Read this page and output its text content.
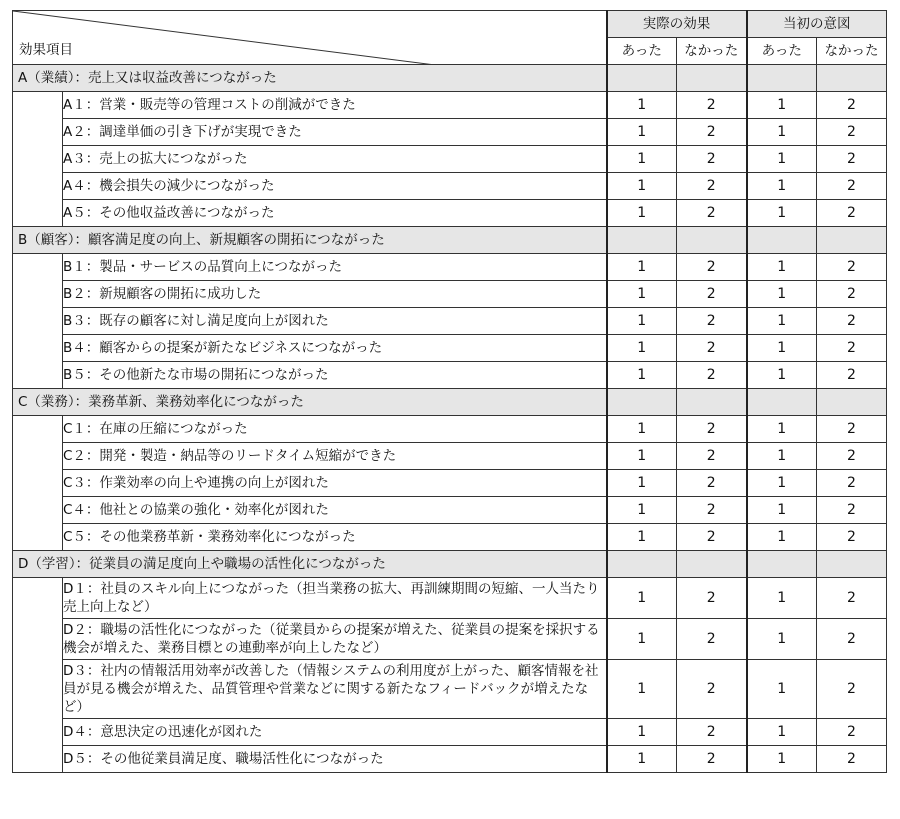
効果項目		実際の効果		当初の意図	
		あった	なかった	あった	なかった
A（業績）：売上又は収益改善につながった					
	A１：営業・販売等の管理コストの削減ができた	1	2	1	2
	A２：調達単価の引き下げが実現できた	1	2	1	2
	A３：売上の拡大につながった	1	2	1	2
	A４：機会損失の減少につながった	1	2	1	2
	A５：その他収益改善につながった	1	2	1	2
B（顧客）：顧客満足度の向上、新規顧客の開拓につながった					
	B１：製品・サービスの品質向上につながった	1	2	1	2
	B２：新規顧客の開拓に成功した	1	2	1	2
	B３：既存の顧客に対し満足度向上が図れた	1	2	1	2
	B４：顧客からの提案が新たなビジネスにつながった	1	2	1	2
	B５：その他新たな市場の開拓につながった	1	2	1	2
C（業務）：業務革新、業務効率化につながった					
	C１：在庫の圧縮につながった	1	2	1	2
	C２：開発・製造・納品等のリードタイム短縮ができた	1	2	1	2
	C３：作業効率の向上や連携の向上が図れた	1	2	1	2
	C４：他社との協業の強化・効率化が図れた	1	2	1	2
	C５：その他業務革新・業務効率化につながった	1	2	1	2
D（学習）：従業員の満足度向上や職場の活性化につながった					
	D１：社員のスキル向上につながった（担当業務の拡大、再訓練期間の短縮、一人当たり売上向上など）	1	2	1	2
	D２：職場の活性化につながった（従業員からの提案が増えた、従業員の提案を採択する機会が増えた、業務目標との連動率が向上したなど）	1	2	1	2
	D３：社内の情報活用効率が改善した（情報システムの利用度が上がった、顧客情報を社員が見る機会が増えた、品質管理や営業などに関する新たなフィードバックが増えたなど）	1	2	1	2
	D４：意思決定の迅速化が図れた	1	2	1	2
	D５：その他従業員満足度、職場活性化につながった	1	2	1	2
